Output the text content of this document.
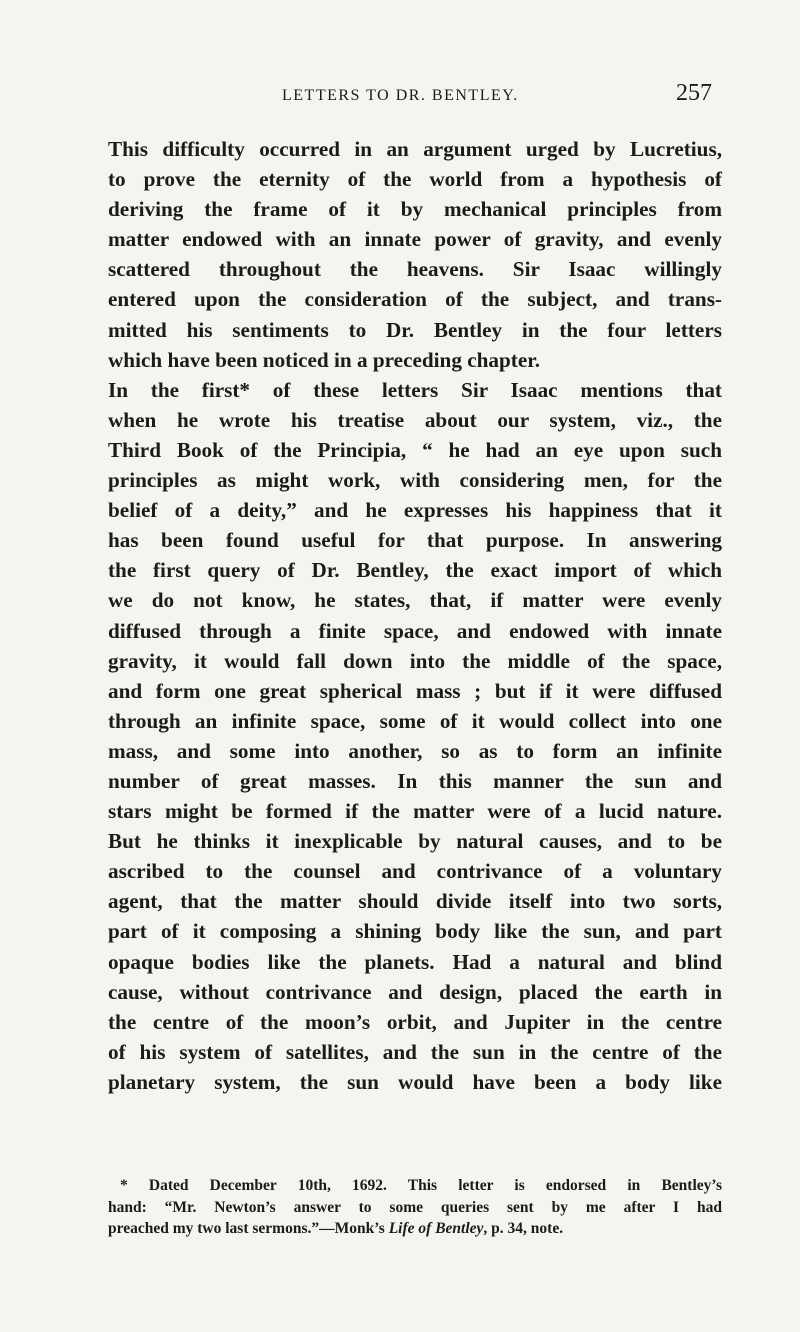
LETTERS TO DR. BENTLEY.	257
This difficulty occurred in an argument urged by Lucretius,
to prove the eternity of the world from a hypothesis of
deriving the frame of it by mechanical principles from
matter endowed with an innate power of gravity, and evenly
scattered throughout the heavens. Sir Isaac willingly
entered upon the consideration of the subject, and trans-
mitted his sentiments to Dr. Bentley in the four letters
which have been noticed in a preceding chapter.
In the first* of these letters Sir Isaac mentions that
when he wrote his treatise about our system, viz., the
Third Book of the Principia, “ he had an eye upon such
principles as might work, with considering men, for the
belief of a deity,” and he expresses his happiness that it
has been found useful for that purpose. In answering
the first query of Dr. Bentley, the exact import of which
we do not know, he states, that, if matter were evenly
diffused through a finite space, and endowed with innate
gravity, it would fall down into the middle of the space,
and form one great spherical mass ; but if it were diffused
through an infinite space, some of it would collect into one
mass, and some into another, so as to form an infinite
number of great masses. In this manner the sun and
stars might be formed if the matter were of a lucid nature.
But he thinks it inexplicable by natural causes, and to be
ascribed to the counsel and contrivance of a voluntary
agent, that the matter should divide itself into two sorts,
part of it composing a shining body like the sun, and part
opaque bodies like the planets. Had a natural and blind
cause, without contrivance and design, placed the earth in
the centre of the moon’s orbit, and Jupiter in the centre
of his system of satellites, and the sun in the centre of the
planetary system, the sun would have been a body like
* Dated December 10th, 1692. This letter is endorsed in Bentley’s
hand: “Mr. Newton’s answer to some queries sent by me after I had
preached my two last sermons.”—Monk’s Life of Bentley, p. 34, note.
